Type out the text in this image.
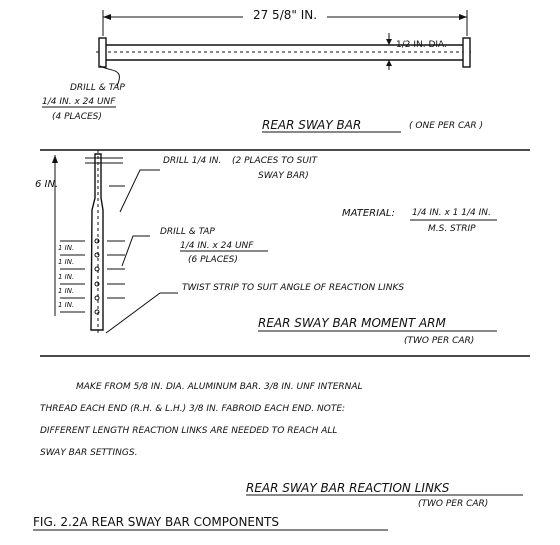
27 5/8" IN.
1/2 IN. DIA.
DRILL & TAP
1/4 IN. x 24 UNF
(4 PLACES)
REAR SWAY BAR	( ONE PER CAR )
6 IN.
1 IN.
1 IN.
1 IN.
1 IN.
1 IN.
DRILL 1/4 IN. (2 PLACES TO SUIT
SWAY BAR)
DRILL & TAP
1/4 IN. x 24 UNF
(6 PLACES)
MATERIAL: 1/4 IN. x 1 1/4 IN.
M.S. STRIP
TWIST STRIP TO SUIT ANGLE OF REACTION LINKS
REAR SWAY BAR MOMENT ARM
(TWO PER CAR)
MAKE FROM 5/8 IN. DIA. ALUMINUM BAR. 3/8 IN. UNF INTERNAL
THREAD EACH END (R.H. & L.H.) 3/8 IN. FABROID EACH END. NOTE:
DIFFERENT LENGTH REACTION LINKS ARE NEEDED TO REACH ALL
SWAY BAR SETTINGS.
REAR SWAY BAR REACTION LINKS
(TWO PER CAR)
FIG. 2.2A REAR SWAY BAR COMPONENTS
